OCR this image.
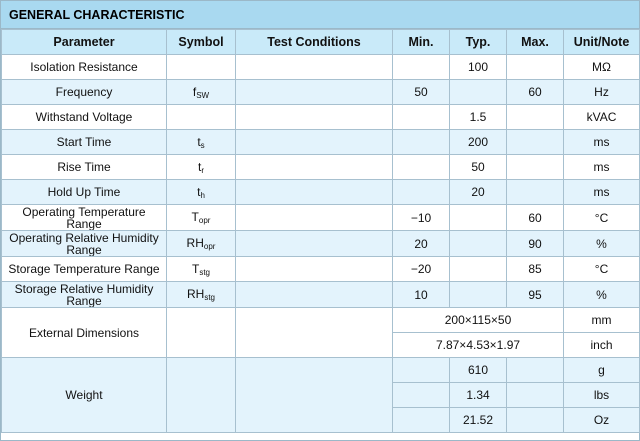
GENERAL CHARACTERISTIC
Parameter	Symbol	Test Conditions	Min.	Typ.	Max.	Unit/Note
Isolation Resistance				100		MΩ
Frequency	$f_{SW}$		50		60	Hz
Withstand Voltage				1.5		kVAC
Start Time	$t_s$			200		ms
Rise Time	$t_r$			50		ms
Hold Up Time	$t_h$			20		ms
Operating Temperature Range	$T_{opr}$		−10		60	°C
Operating Relative Humidity Range	$RH_{opr}$		20		90	%
Storage Temperature Range	$T_{stg}$		−20		85	°C
Storage Relative Humidity Range	$RH_{stg}$		10		95	%
External Dimensions			200×115×50			mm
			7.87×4.53×1.97			inch
Weight				610		g
				1.34		lbs
				21.52		Oz
